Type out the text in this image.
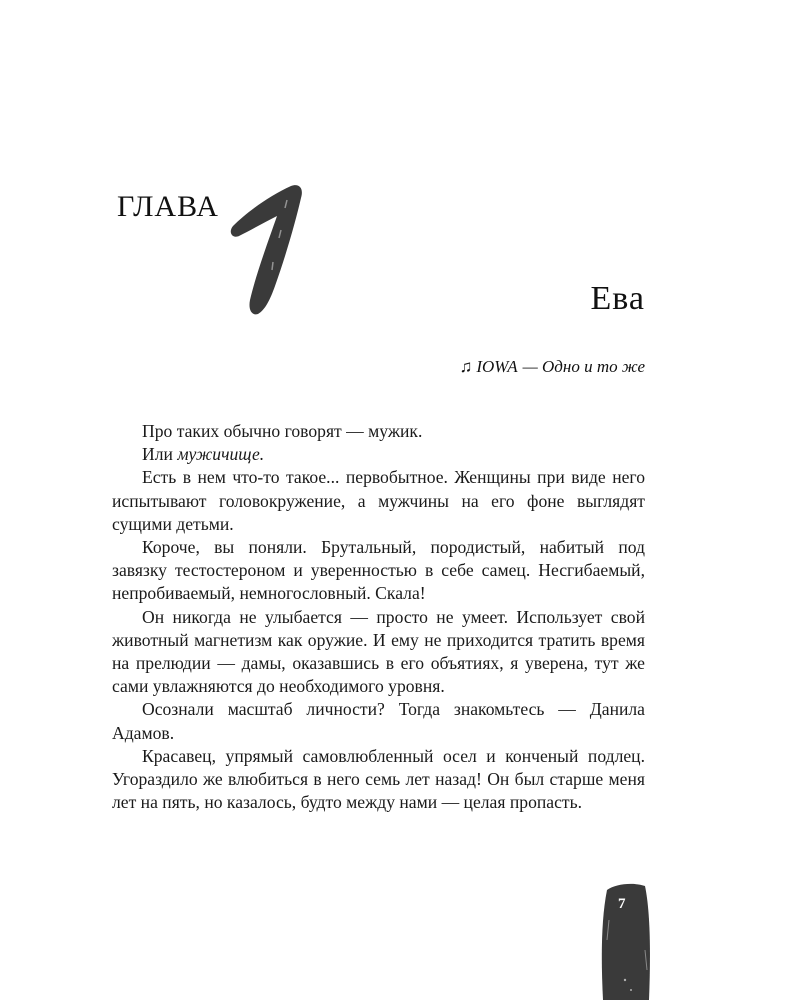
ГЛАВА
Ева
♫ IOWA — Одно и то же

Про таких обычно говорят — мужик.

Или мужичище.

Есть в нем что-то такое... первобытное. Женщины при виде него испытывают головокружение, а мужчины на его фоне выглядят сущими детьми.

Короче, вы поняли. Брутальный, породистый, набитый под завязку тестостероном и уверенностью в себе самец. Несгибаемый, непробиваемый, немногословный. Скала!

Он никогда не улыбается — просто не умеет. Использует свой животный магнетизм как оружие. И ему не приходится тратить время на прелюдии — дамы, оказавшись в его объятиях, я уверена, тут же сами увлажняются до необходимого уровня.

Осознали масштаб личности? Тогда знакомьтесь — Данила Адамов.

Красавец, упрямый самовлюбленный осел и конченый подлец. Угораздило же влюбиться в него семь лет назад! Он был старше меня лет на пять, но казалось, будто между нами — целая пропасть.

7
